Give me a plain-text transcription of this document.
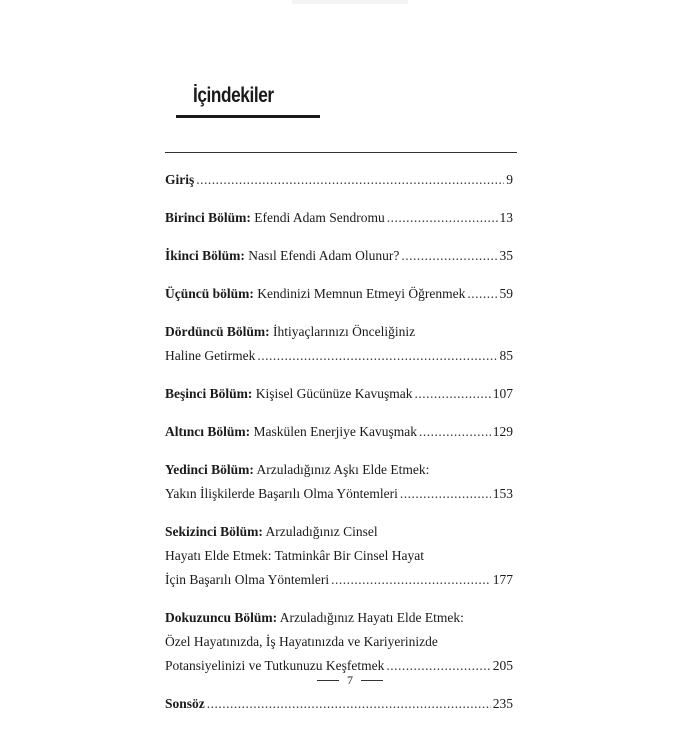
İçindekiler
Giriş .....	9
Birinci Bölüm: Efendi Adam Sendromu .....	13
İkinci Bölüm: Nasıl Efendi Adam Olunur? .....	35
Üçüncü bölüm: Kendinizi Memnun Etmeyi Öğrenmek .....	59
Dördüncü Bölüm: İhtiyaçlarınızı Önceliğiniz
Haline Getirmek .....	85
Beşinci Bölüm: Kişisel Gücünüze Kavuşmak .....	107
Altıncı Bölüm: Maskülen Enerjiye Kavuşmak .....	129
Yedinci Bölüm: Arzuladığınız Aşkı Elde Etmek:
Yakın İlişkilerde Başarılı Olma Yöntemleri .....	153
Sekizinci Bölüm: Arzuladığınız Cinsel
Hayatı Elde Etmek: Tatminkâr Bir Cinsel Hayat
İçin Başarılı Olma Yöntemleri .....	177
Dokuzuncu Bölüm: Arzuladığınız Hayatı Elde Etmek:
Özel Hayatınızda, İş Hayatınızda ve Kariyerinizde
Potansiyelinizi ve Tutkunuzu Keşfetmek .....	205
Sonsöz .....	235
7
